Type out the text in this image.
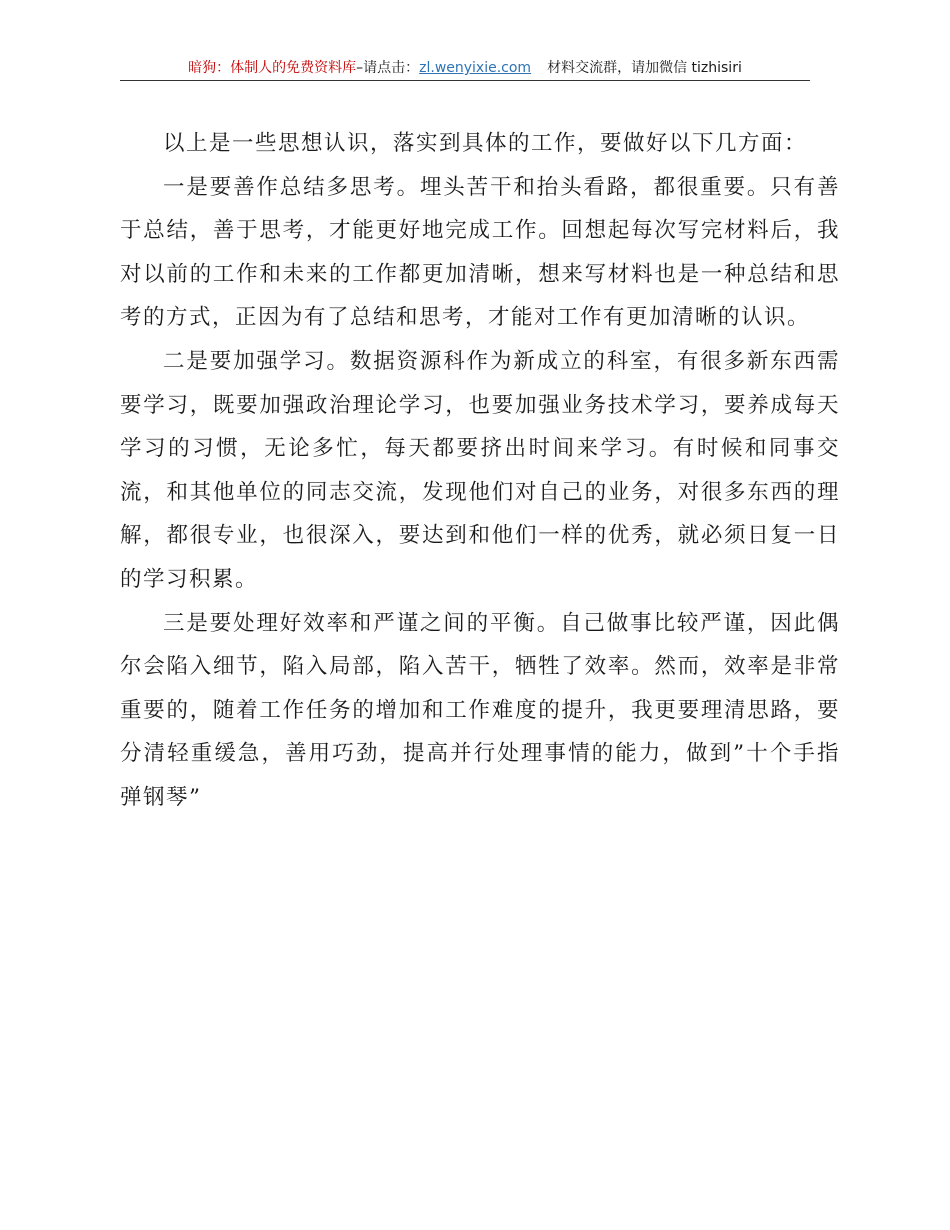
暗狗：体制人的免费资料库–请点击：zl.wenyixie.com 材料交流群，请加微信 tizhisiri

以上是一些思想认识，落实到具体的工作，要做好以下几方面：

一是要善作总结多思考。埋头苦干和抬头看路，都很重要。只有善于总结，善于思考，才能更好地完成工作。回想起每次写完材料后，我对以前的工作和未来的工作都更加清晰，想来写材料也是一种总结和思考的方式，正因为有了总结和思考，才能对工作有更加清晰的认识。

二是要加强学习。数据资源科作为新成立的科室，有很多新东西需要学习，既要加强政治理论学习，也要加强业务技术学习，要养成每天学习的习惯，无论多忙，每天都要挤出时间来学习。有时候和同事交流，和其他单位的同志交流，发现他们对自己的业务，对很多东西的理解，都很专业，也很深入，要达到和他们一样的优秀，就必须日复一日的学习积累。

三是要处理好效率和严谨之间的平衡。自己做事比较严谨，因此偶尔会陷入细节，陷入局部，陷入苦干，牺牲了效率。然而，效率是非常重要的，随着工作任务的增加和工作难度的提升，我更要理清思路，要分清轻重缓急，善用巧劲，提高并行处理事情的能力，做到”十个手指弹钢琴”
